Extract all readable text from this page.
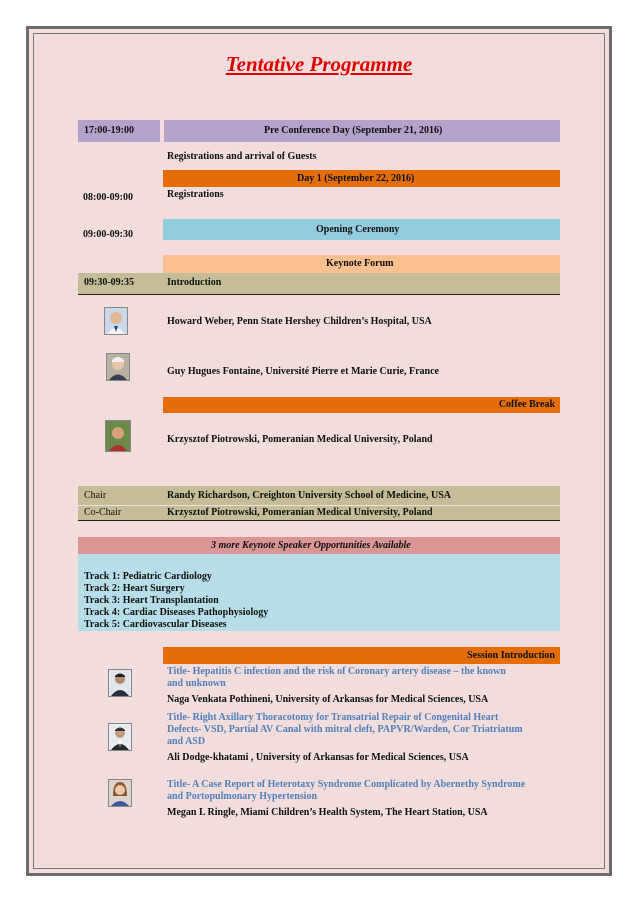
Tentative Programme
17:00-19:00	Pre Conference Day (September 21, 2016)
Registrations and arrival of Guests
Day 1 (September 22, 2016)
08:00-09:00	Registrations
09:00-09:30	Opening Ceremony
Keynote Forum
09:30-09:35	Introduction
Howard Weber, Penn State Hershey Children’s Hospital, USA
Guy Hugues Fontaine, Université Pierre et Marie Curie, France
Coffee Break
Krzysztof Piotrowski, Pomeranian Medical University, Poland
Chair	Randy Richardson, Creighton University School of Medicine, USA
Co-Chair	Krzysztof Piotrowski, Pomeranian Medical University, Poland
3 more Keynote Speaker Opportunities Available
Track 1: Pediatric Cardiology
Track 2: Heart Surgery
Track 3: Heart Transplantation
Track 4: Cardiac Diseases Pathophysiology
Track 5: Cardiovascular Diseases
Session Introduction
Title- Hepatitis C infection and the risk of Coronary artery disease – the known
and unknown
Naga Venkata Pothineni, University of Arkansas for Medical Sciences, USA
Title- Right Axillary Thoracotomy for Transatrial Repair of Congenital Heart
Defects- VSD, Partial AV Canal with mitral cleft, PAPVR/Warden, Cor Triatriatum
and ASD
Ali Dodge-khatami , University of Arkansas for Medical Sciences, USA
Title- A Case Report of Heterotaxy Syndrome Complicated by Abernethy Syndrome
and Portopulmonary Hypertension
Megan L Ringle, Miami Children’s Health System, The Heart Station, USA
